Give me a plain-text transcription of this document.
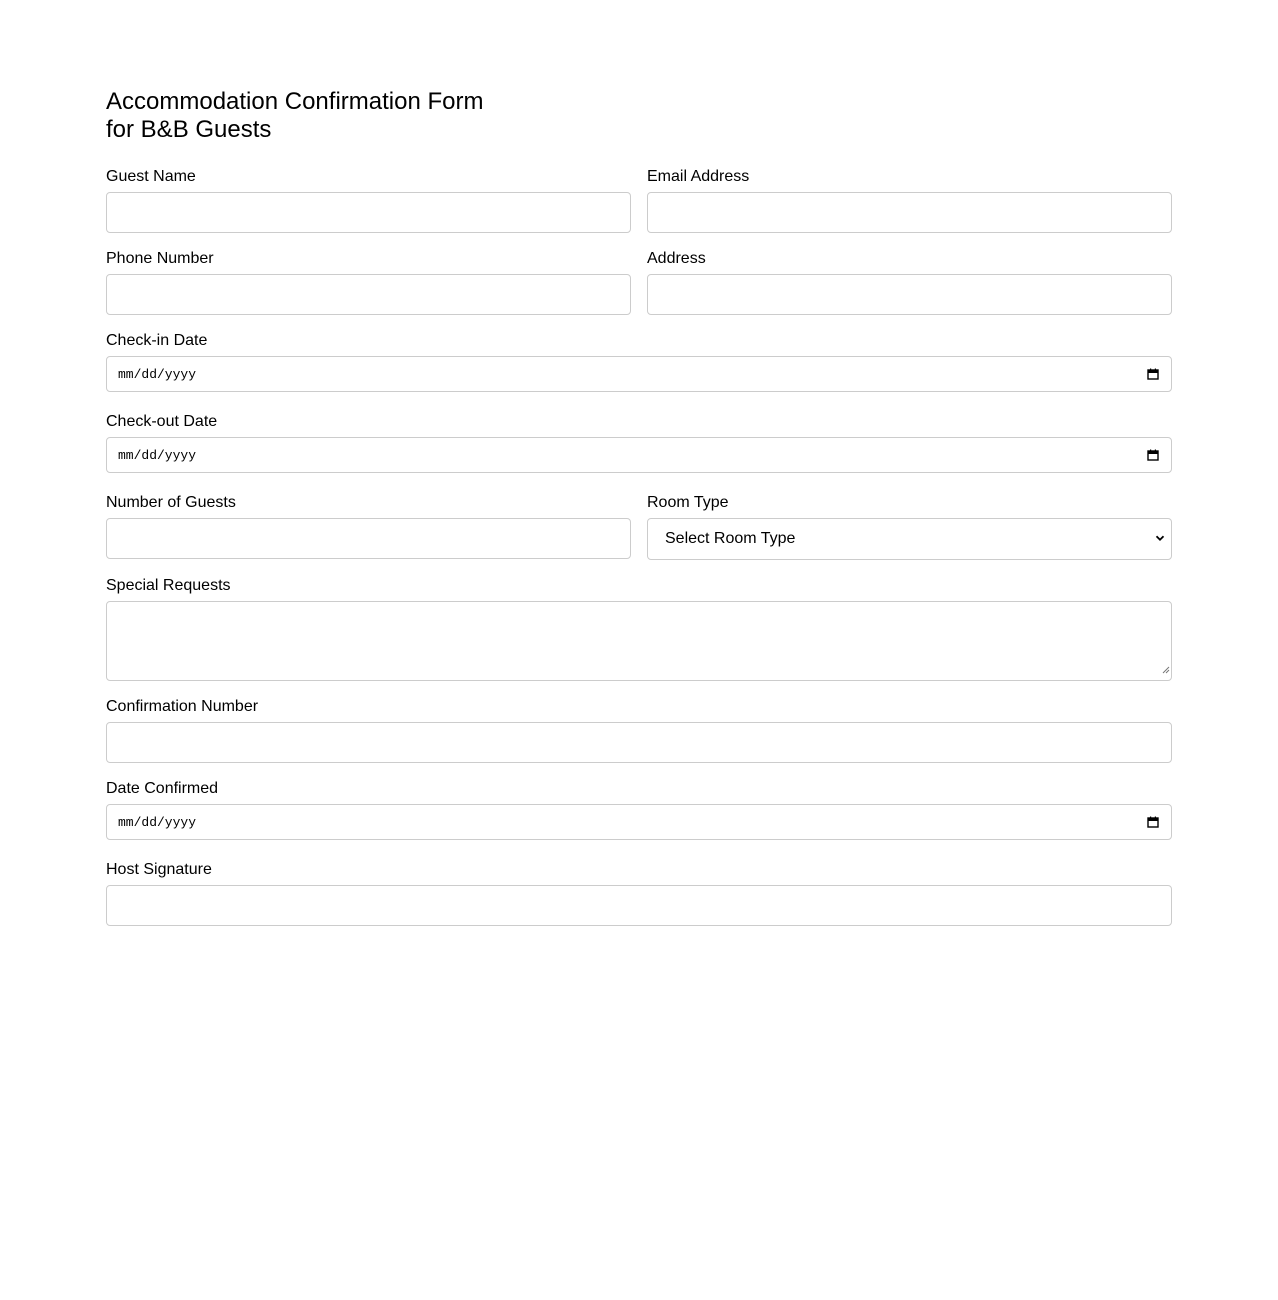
Accommodation Confirmation Form
for B&B Guests
Guest Name	Email Address
Phone Number	Address
Check-in Date
mm/dd/yyyy
Check-out Date
mm/dd/yyyy
Number of Guests	Room Type
Select Room Type
Special Requests
Confirmation Number
Date Confirmed
mm/dd/yyyy
Host Signature
